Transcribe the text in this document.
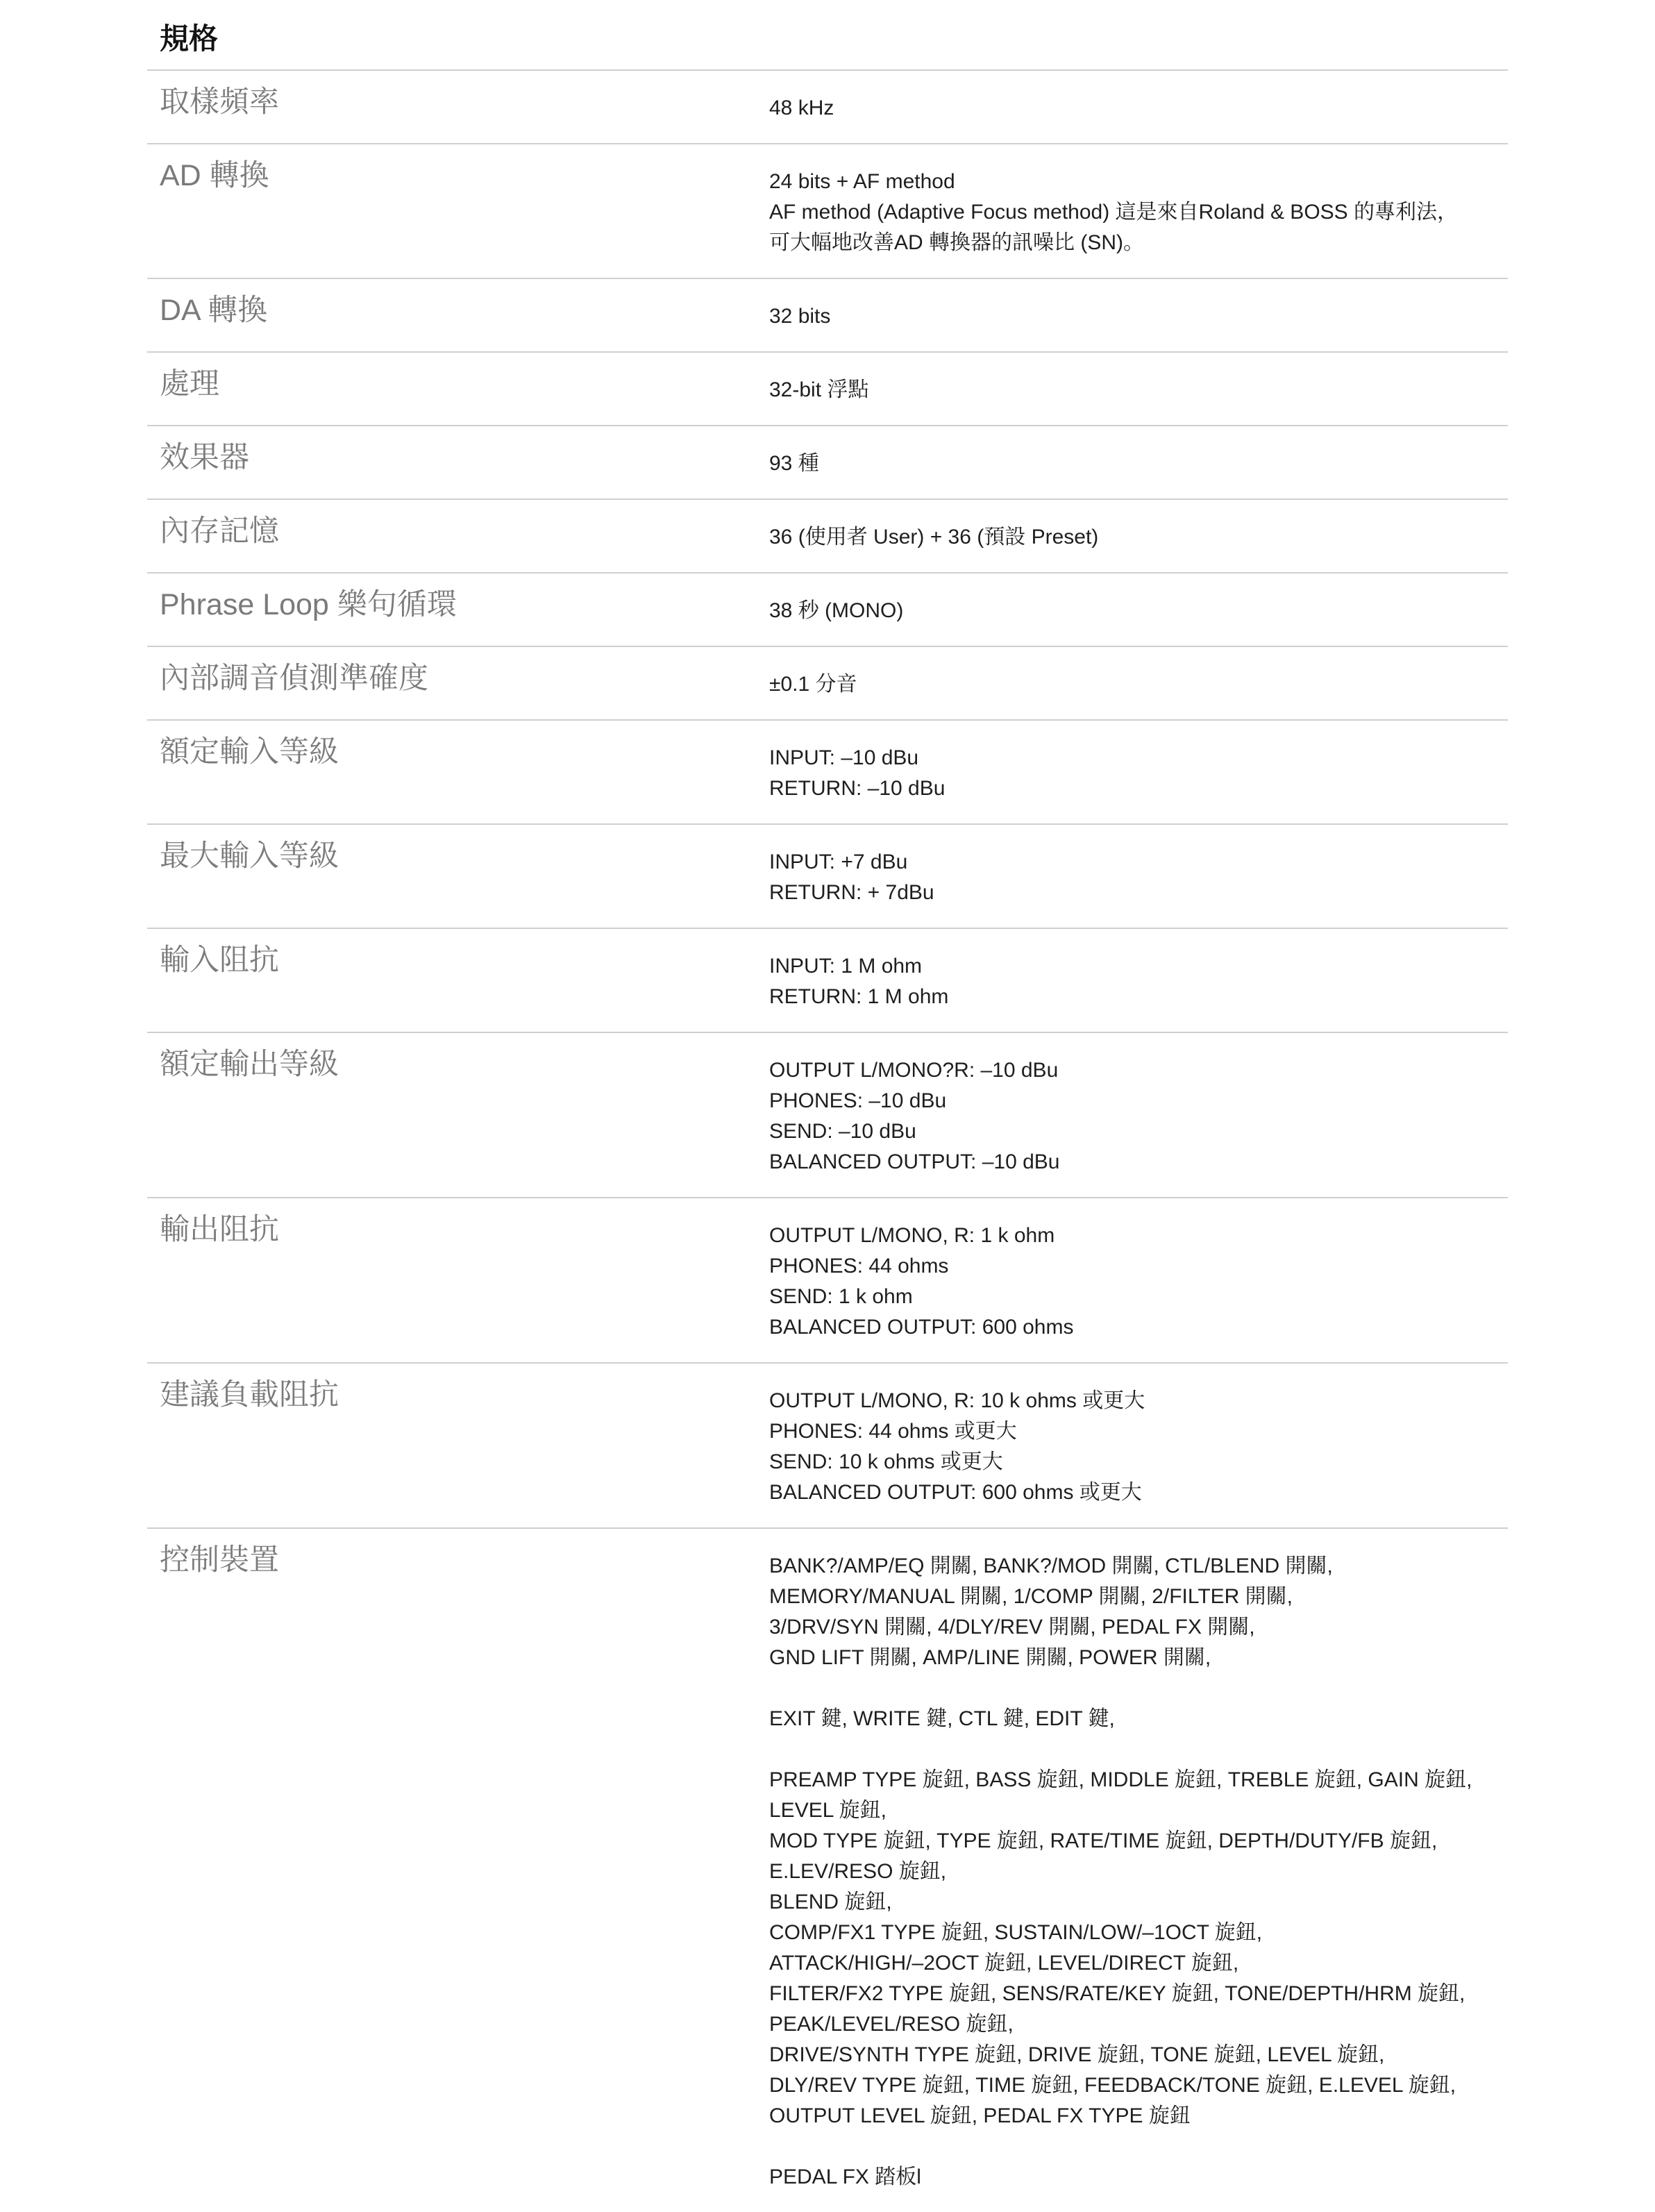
規格
取樣頻率	48 kHz
AD 轉換	24 bits + AF method
AF method (Adaptive Focus method) 這是來自Roland & BOSS 的專利法，
可大幅地改善AD 轉換器的訊噪比 (SN)。
DA 轉換	32 bits
處理	32-bit 浮點
效果器	93 種
內存記憶	36 (使用者 User) + 36 (預設 Preset)
Phrase Loop 樂句循環	38 秒 (MONO)
內部調音偵測準確度	±0.1 分音
額定輸入等級	INPUT: –10 dBu
RETURN: –10 dBu
最大輸入等級	INPUT: +7 dBu
RETURN: + 7dBu
輸入阻抗	INPUT: 1 M ohm
RETURN: 1 M ohm
額定輸出等級	OUTPUT L/MONO?R: –10 dBu
PHONES: –10 dBu
SEND: –10 dBu
BALANCED OUTPUT: –10 dBu
輸出阻抗	OUTPUT L/MONO, R: 1 k ohm
PHONES: 44 ohms
SEND: 1 k ohm
BALANCED OUTPUT: 600 ohms
建議負載阻抗	OUTPUT L/MONO, R: 10 k ohms 或更大
PHONES: 44 ohms 或更大
SEND: 10 k ohms 或更大
BALANCED OUTPUT: 600 ohms 或更大
控制裝置	BANK?/AMP/EQ 開關, BANK?/MOD 開關, CTL/BLEND 開關,
MEMORY/MANUAL 開關, 1/COMP 開關, 2/FILTER 開關,
3/DRV/SYN 開關, 4/DLY/REV 開關, PEDAL FX 開關,
GND LIFT 開關, AMP/LINE 開關, POWER 開關,
EXIT 鍵, WRITE 鍵, CTL 鍵, EDIT 鍵,
PREAMP TYPE 旋鈕, BASS 旋鈕, MIDDLE 旋鈕, TREBLE 旋鈕, GAIN 旋鈕,
LEVEL 旋鈕,
MOD TYPE 旋鈕, TYPE 旋鈕, RATE/TIME 旋鈕, DEPTH/DUTY/FB 旋鈕,
E.LEV/RESO 旋鈕,
BLEND 旋鈕,
COMP/FX1 TYPE 旋鈕, SUSTAIN/LOW/–1OCT 旋鈕,
ATTACK/HIGH/–2OCT 旋鈕, LEVEL/DIRECT 旋鈕,
FILTER/FX2 TYPE 旋鈕, SENS/RATE/KEY 旋鈕, TONE/DEPTH/HRM 旋鈕,
PEAK/LEVEL/RESO 旋鈕,
DRIVE/SYNTH TYPE 旋鈕, DRIVE 旋鈕, TONE 旋鈕, LEVEL 旋鈕,
DLY/REV TYPE 旋鈕, TIME 旋鈕, FEEDBACK/TONE 旋鈕, E.LEVEL 旋鈕,
OUTPUT LEVEL 旋鈕, PEDAL FX TYPE 旋鈕
PEDAL FX 踏板l
